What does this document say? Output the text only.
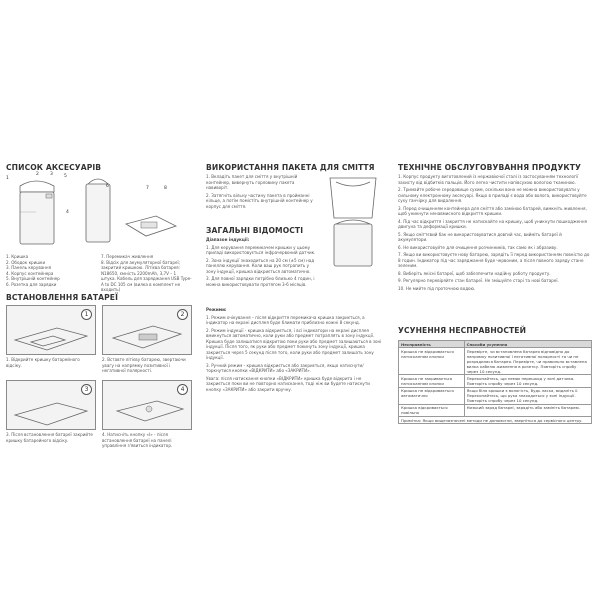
1
2 3 5
4
6	7	8
СПИСОК АКСЕСУАРІВ
1. Кришка
2. Ободок кришки
3. Панель керування
4. Корпус контейнера
5. Внутрішній контейнер
6. Розетка для зарядки
7. Перемикач живлення
8. Відсік для акумуляторної батареї; закритий кришкою. Літієва батарея: N18650, ємність 2200mAh, 3,7V – 1 штука. Кабель для заряджання USB Type-A to DC 105 см (вилка в комплект не входить)
ВСТАНОВЛЕННЯ БАТАРЕЇ
1	2
1. Відкрийте кришку батарейного відсіку.
2. Вставте літієву батарею, звертаючи увагу на напрямку позитивної і негативної полярності.
3	4
3. Після встановлення батареї закрийте кришку батарейного відсіку.
4. Натисніть кнопку «I» - після встановлення батареї на панелі управління з'явиться індикатор.
ВИКОРИСТАННЯ ПАКЕТА ДЛЯ СМІТТЯ
1. Вкладіть пакет для сміття у внутрішній контейнер, вивернуть горловину пакета навиворіт.
2. Затягніть вільну частину пакета в пройманні кільце, а потім помістіть внутрішній контейнер у корпус для сміття.
ЗАГАЛЬНІ ВІДОМОСТІ
Діапазон індукції:
1. Для керування перемикачем кришки у цьому приладі використовується інфрачервоний датчик.
2. Зона індукції знаходиться на 20 см (±5 см) над панеллю керування. Коли ваш рук потрапить у зону індукції, кришка відкриється автоматично.
3. Для повної зарядки потрібно близько 4 годин, і можна використовувати протягом 3-6 місяців.
Режими:
1. Режим очікування – після відкриття перемикача кришка закриється, а індикатор на екрані дисплея буде блимати приблизно кожні 8 секунд.
2. Режим індукції - кришка відкриється, і всі індикатори на екрані дисплея вмикнуться автоматично, коли руки або предмет потраплять в зону індукції. Кришка буде залишатися відкритою поки руки або предмет залишаються в зоні індукції. Після того, як руки або предмет покинуть зону індукції, кришка закриється через 5 секунд після того, коли руки або предмет залишать зону індукції.
3. Ручний режим - кришка відкриється або закриється, якщо натиснути/торкнутися кнопки «ВІДКРИТИ» або «ЗАКРИТИ».
Увага: після натискання кнопки «ВІДКРИТИ» кришка буде відкрита і не закриється поки ви не повторно натискання, тоді ніж ви будете натиснути кнопку «ЗАКРИТИ» або закрити вручну.
ТЕХНІЧНЕ ОБСЛУГОВУВАННЯ ПРОДУКТУ
1. Корпус продукту виготовлений із нержавіючої сталі із застосуванням технології захисту від відбитків пальців. Його легко чистити напівсухою вологою тканиною.
2. Тримайте робоче середовище сухим, оскільки воно не можна використовувати у сильному електронному аксесуарі. Якщо в приладі є вода або волога, використовуйте суху ганчірку для видалення.
3. Перед очищенням контейнера для сміття або заміною батарей, вимкніть живлення, щоб уникнути ненавмисного відкриття кришки.
4. Під час відкриття і закриття не натискайте на кришку, щоб уникнути пошкодження двигуна та деформації кришки.
5. Якщо сміттєвий бак не використовуватися довгий час, вийміть батареї й акумулятори.
6. Не використовуйте для очищення розчинників, так само як і абразиву.
7. Якщо ви використовуєте нову батарею, зарядіть її перед використанням повністю до 8 годин. Індикатор під час заряджання буде червоним, а після повного заряду стане зеленим.
8. Виберіть якісні батареї, щоб забезпечити надійну роботу продукту.
9. Регулярно перевіряйте стан батареї. Не змішуйте старі та нові батареї.
10. Не мийте під проточною водою.
УСУНЕННЯ НЕСПРАВНОСТЕЙ
Несправність	Способи усунення
Кришка не відкривається натисканням кнопки	Перевірте, чи встановлена батарея відповідно до напрямку позитивної і негативної полярності та чи не розрядилася батарея. Перевірте, чи правильно вставлена вилка кабелю живлення в розетку. Повторіть спробу через 10 секунд.
Кришка не закривається натисканням кнопки	Переконайтесь, що немає перешкод у зоні датчика. Повторіть спробу через 10 секунд.
Кришка не відкривається автоматично	Якщо біля кришки є вологість, будь ласка, видаліть її. Переконайтесь, що рука знаходиться у зоні індукції. Повторіть спробу через 10 секунд.
Кришка відкривається повільно	Низький заряд батареї, зарядіть або замініть батарею.
Примітка: Якщо вищезазначені методи не допомогли, зверніться до сервісного центру.	
